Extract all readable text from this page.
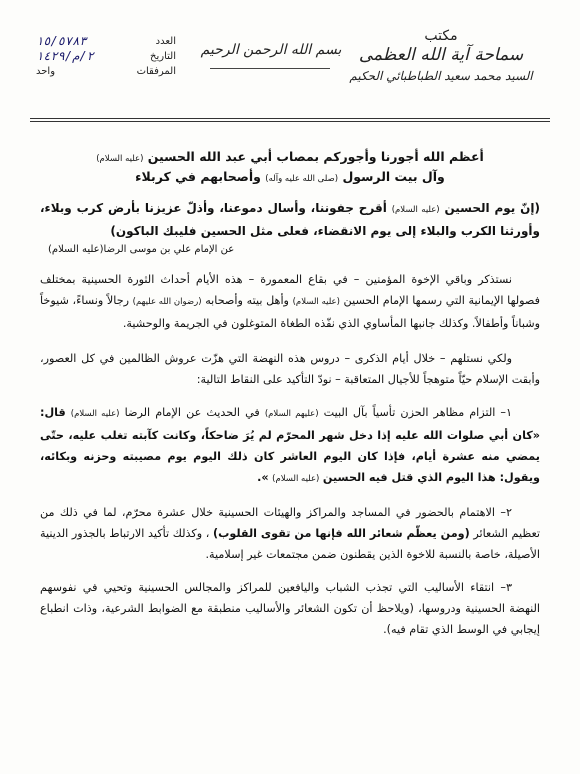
العدد
١٥/٥٧٨٣
التاريخ
٢/م/١٤٢٩
المرفقات
واحد
بسم الله الرحمن الرحيم
مكتب
سماحة آية الله العظمى
السيد محمد سعيد الطباطبائي الحكيم
أعظم الله أجورنا وأجوركم بمصاب أبي عبد الله الحسين (عليه السلام)
وآل بيت الرسول (صلى الله عليه وآله) وأصحابهم في كربلاء
(إنّ يوم الحسين (عليه السلام) أقرح جفوننا، وأسال دموعنا، وأذلّ عزيزنا بأرض كرب وبلاء، وأورثنا الكرب والبلاء إلى يوم الانقضاء، فعلى مثل الحسين فليبك الباكون)
عن الإمام علي بن موسى الرضا(عليه السلام)
نستذكر وباقي الإخوة المؤمنين – في بقاع المعمورة – هذه الأيام أحداث الثورة الحسينية بمختلف فصولها الإيمانية التي رسمها الإمام الحسين (عليه السلام) وأهل بيته وأصحابه (رضوان الله عليهم) رجالاً ونساءً، شيوخاً وشباناً وأطفالاً. وكذلك جانبها المأساوي الذي نفّذه الطغاة المتوغلون في الجريمة والوحشية.
ولكي نستلهم – خلال أيام الذكرى – دروس هذه النهضة التي هزّت عروش الظالمين في كل العصور، وأبقت الإسلام حيّاً متوهجاً للأجيال المتعاقبة – نودّ التأكيد على النقاط التالية:
١– التزام مظاهر الحزن تأسياً بآل البيت (عليهم السلام) في الحديث عن الإمام الرضا (عليه السلام) قال: «كان أبي صلوات الله عليه إذا دخل شهر المحرّم لم يُرَ ضاحكاً، وكانت كآبته تغلب عليه، حتّى يمضي منه عشرة أيام، فإذا كان اليوم العاشر كان ذلك اليوم يوم مصيبته وحزنه وبكائه، ويقول: هذا اليوم الذي قتل فيه الحسين (عليه السلام) ».
٢– الاهتمام بالحضور في المساجد والمراكز والهيئات الحسينية خلال عشرة محرّم، لما في ذلك من تعظيم الشعائر (ومن يعظّم شعائر الله فإنها من تقوى القلوب) ، وكذلك تأكيد الارتباط بالجذور الدينية الأصيلة، خاصة بالنسبة للاخوة الذين يقطنون ضمن مجتمعات غير إسلامية.
٣– انتقاء الأساليب التي تجذب الشباب واليافعين للمراكز والمجالس الحسينية وتحيي في نفوسهم النهضة الحسينية ودروسها، (ويلاحظ أن تكون الشعائر والأساليب منطبقة مع الضوابط الشرعية، وذات انطباع إيجابي في الوسط الذي تقام فيه).
